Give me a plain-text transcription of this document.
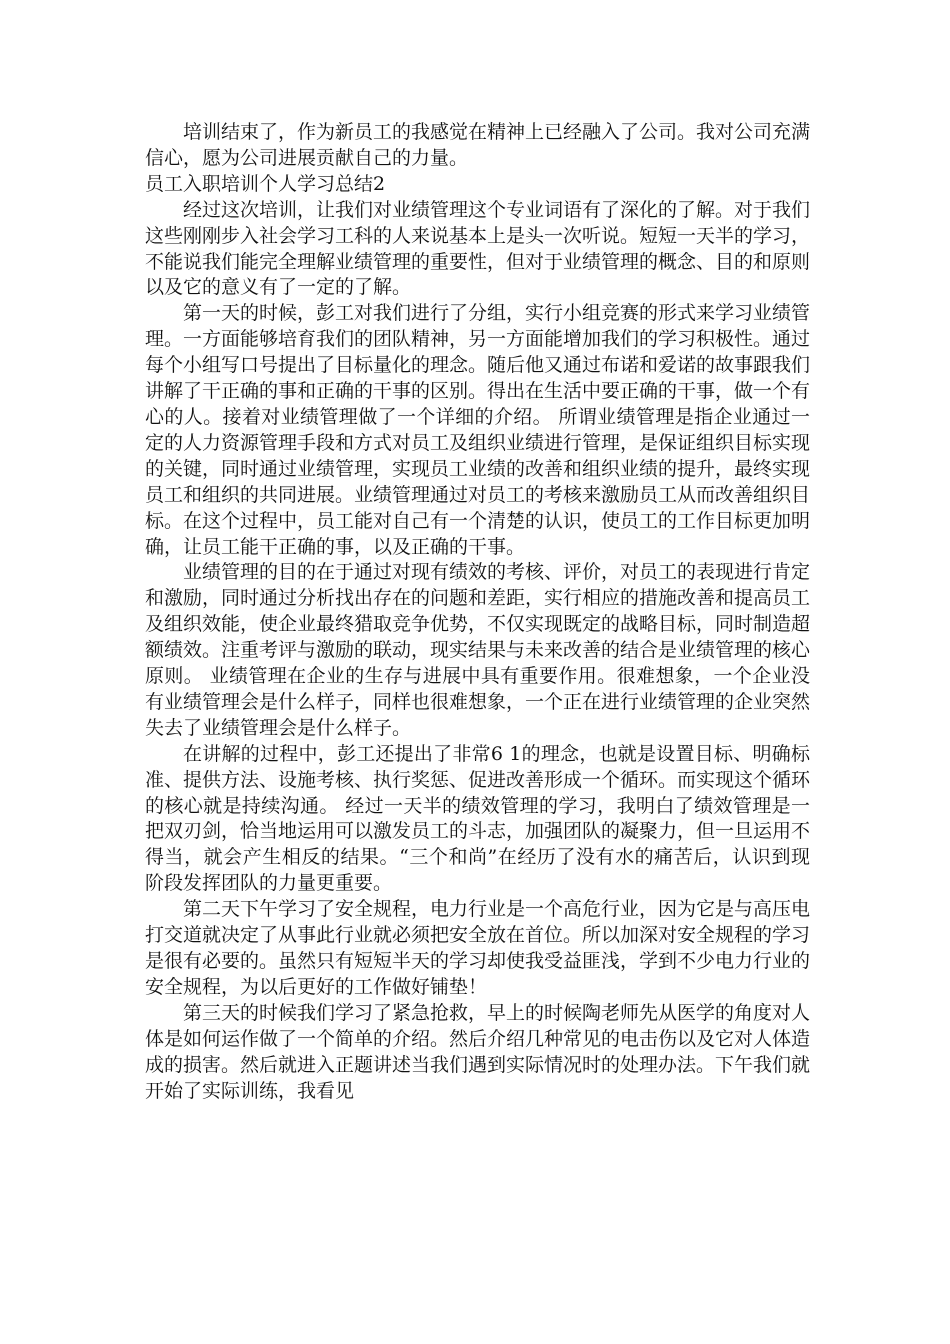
培训结束了，作为新员工的我感觉在精神上已经融入了公司。我对公司充满信心，愿为公司进展贡献自己的力量。

员工入职培训个人学习总结2

经过这次培训，让我们对业绩管理这个专业词语有了深化的了解。对于我们这些刚刚步入社会学习工科的人来说基本上是头一次听说。短短一天半的学习，不能说我们能完全理解业绩管理的重要性，但对于业绩管理的概念、目的和原则以及它的意义有了一定的了解。

第一天的时候，彭工对我们进行了分组，实行小组竞赛的形式来学习业绩管理。一方面能够培育我们的团队精神，另一方面能增加我们的学习积极性。通过每个小组写口号提出了目标量化的理念。随后他又通过布诺和爱诺的故事跟我们讲解了干正确的事和正确的干事的区别。得出在生活中要正确的干事，做一个有心的人。接着对业绩管理做了一个详细的介绍。 所谓业绩管理是指企业通过一定的人力资源管理手段和方式对员工及组织业绩进行管理，是保证组织目标实现的关键，同时通过业绩管理，实现员工业绩的改善和组织业绩的提升，最终实现员工和组织的共同进展。业绩管理通过对员工的考核来激励员工从而改善组织目标。在这个过程中，员工能对自己有一个清楚的认识，使员工的工作目标更加明确，让员工能干正确的事，以及正确的干事。

业绩管理的目的在于通过对现有绩效的考核、评价，对员工的表现进行肯定和激励，同时通过分析找出存在的问题和差距，实行相应的措施改善和提高员工及组织效能，使企业最终猎取竞争优势，不仅实现既定的战略目标，同时制造超额绩效。注重考评与激励的联动，现实结果与未来改善的结合是业绩管理的核心原则。 业绩管理在企业的生存与进展中具有重要作用。很难想象，一个企业没有业绩管理会是什么样子，同样也很难想象，一个正在进行业绩管理的企业突然失去了业绩管理会是什么样子。

在讲解的过程中，彭工还提出了非常6 1的理念，也就是设置目标、明确标准、提供方法、设施考核、执行奖惩、促进改善形成一个循环。而实现这个循环的核心就是持续沟通。 经过一天半的绩效管理的学习，我明白了绩效管理是一把双刃剑，恰当地运用可以激发员工的斗志，加强团队的凝聚力，但一旦运用不得当，就会产生相反的结果。“三个和尚”在经历了没有水的痛苦后，认识到现阶段发挥团队的力量更重要。

第二天下午学习了安全规程，电力行业是一个高危行业，因为它是与高压电打交道就决定了从事此行业就必须把安全放在首位。所以加深对安全规程的学习是很有必要的。虽然只有短短半天的学习却使我受益匪浅，学到不少电力行业的安全规程，为以后更好的工作做好铺垫！

第三天的时候我们学习了紧急抢救，早上的时候陶老师先从医学的角度对人体是如何运作做了一个简单的介绍。然后介绍几种常见的电击伤以及它对人体造成的损害。然后就进入正题讲述当我们遇到实际情况时的处理办法。下午我们就开始了实际训练，我看见
